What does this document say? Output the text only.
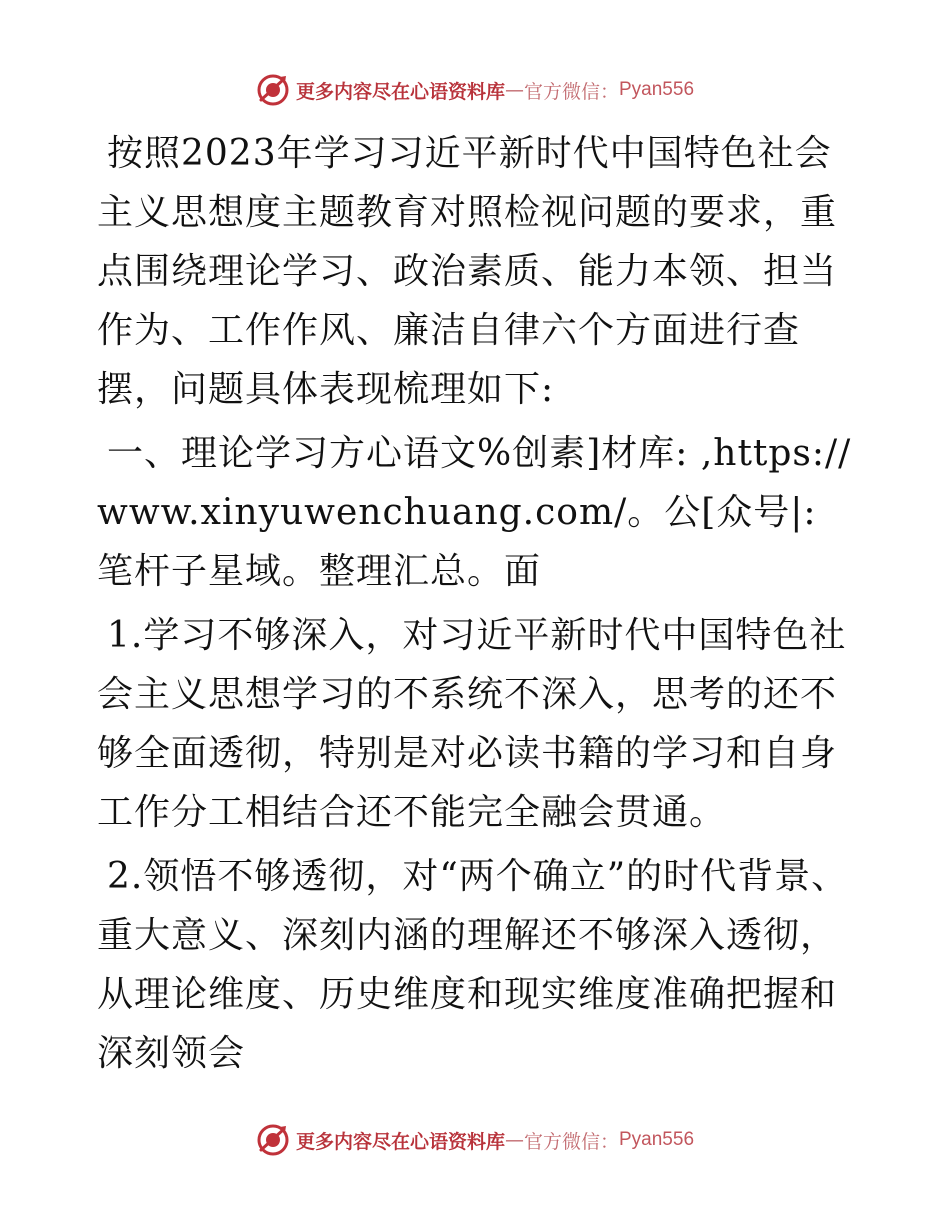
更多内容尽在心语资料库 — 官方微信： Pyan556

按照2023年学习习近平新时代中国特色社会主义思想度主题教育对照检视问题的要求，重点围绕理论学习、政治素质、能力本领、担当作为、工作作风、廉洁自律六个方面进行查摆，问题具体表现梳理如下:

一、理论学习方心语文%创素]材库: ,https://www.xinyuwenchuang.com/。公[众号|: 笔杆子星域。整理汇总。面

1.学习不够深入，对习近平新时代中国特色社会主义思想学习的不系统不深入，思考的还不够全面透彻，特别是对必读书籍的学习和自身工作分工相结合还不能完全融会贯通。

2.领悟不够透彻，对“两个确立”的时代背景、重大意义、深刻内涵的理解还不够深入透彻，从理论维度、历史维度和现实维度准确把握和深刻领会

更多内容尽在心语资料库 — 官方微信： Pyan556
